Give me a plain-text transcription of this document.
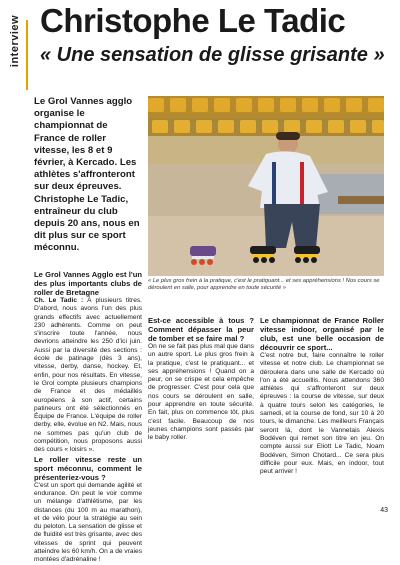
interview Christophe Le Tadic
« Une sensation de glisse grisante »

Le Grol Vannes agglo organise le championnat de France de roller vitesse, les 8 et 9 février, à Kercado. Les athlètes s'affronteront sur deux épreuves. Christophe Le Tadic, entraîneur du club depuis 20 ans, nous en dit plus sur ce sport méconnu.

« Le plus gros frein à la pratique, c'est le pratiquant... et ses appréhensions ! Nos cours se déroulent en salle, pour apprendre en toute sécurité »

Le Grol Vannes Agglo est l'un des plus importants clubs de roller de Bretagne

Ch. Le Tadic : À plusieurs titres. D'abord, nous avons l'un des plus grands effectifs avec actuellement 230 adhérents. Comme on peut s'inscrire toute l'année, nous devrions atteindre les 250 d'ici juin. Aussi par la diversité des sections : école de patinage (dès 3 ans), vitesse, derby, danse, hockey. Et, enfin, pour nos résultats. En vitesse, le Grol compte plusieurs champions de France et des médaillés européens à son actif, certains patineurs ont été sélectionnés en Équipe de France. L'équipe de roller derby, elle, évolue en N2. Mais, nous ne sommes pas qu'un club de compétition, nous proposons aussi des cours « loisirs ».

Le roller vitesse reste un sport méconnu, comment le présenteriez-vous ?

C'est un sport qui demande agilité et endurance. On peut le voir comme un mélange d'athlétisme, par les distances (du 100 m au marathon), et de vélo pour la stratégie au sein du peloton. La sensation de glisse et de fluidité est très grisante, avec des vitesses de sprint qui peuvent atteindre les 60 km/h. On a de vraies montées d'adrénaline !

Est-ce accessible à tous ? Comment dépasser la peur de tomber et se faire mal ?

On ne se fait pas plus mal que dans un autre sport. Le plus gros frein à la pratique, c'est le pratiquant... et ses appréhensions ! Quand on a peur, on se crispe et cela empêche de progresser. C'est pour cela que nos cours se déroulent en salle, pour apprendre en toute sécurité. En fait, plus on commence tôt, plus c'est facile. Beaucoup de nos jeunes champions sont passés par le baby roller.

Le championnat de France Roller vitesse indoor, organisé par le club, est une belle occasion de découvrir ce sport...

C'est notre but, faire connaître le roller vitesse et notre club. Le championnat se déroulera dans une salle de Kercado où l'on a été accueillis. Nous attendons 360 athlètes qui s'affronteront sur deux épreuves : la course de vitesse, sur deux à quatre tours selon les catégories, le samedi, et la course de fond, sur 10 à 20 tours, le dimanche. Les meilleurs Français seront là, dont le Vannetais Alexis Bodéven qui remet son titre en jeu. On compte aussi sur Eliott Le Tadic, Noam Bodéven, Simon Chotard... Ce sera plus difficile pour eux. Mais, en indoor, tout peut arriver !

43
